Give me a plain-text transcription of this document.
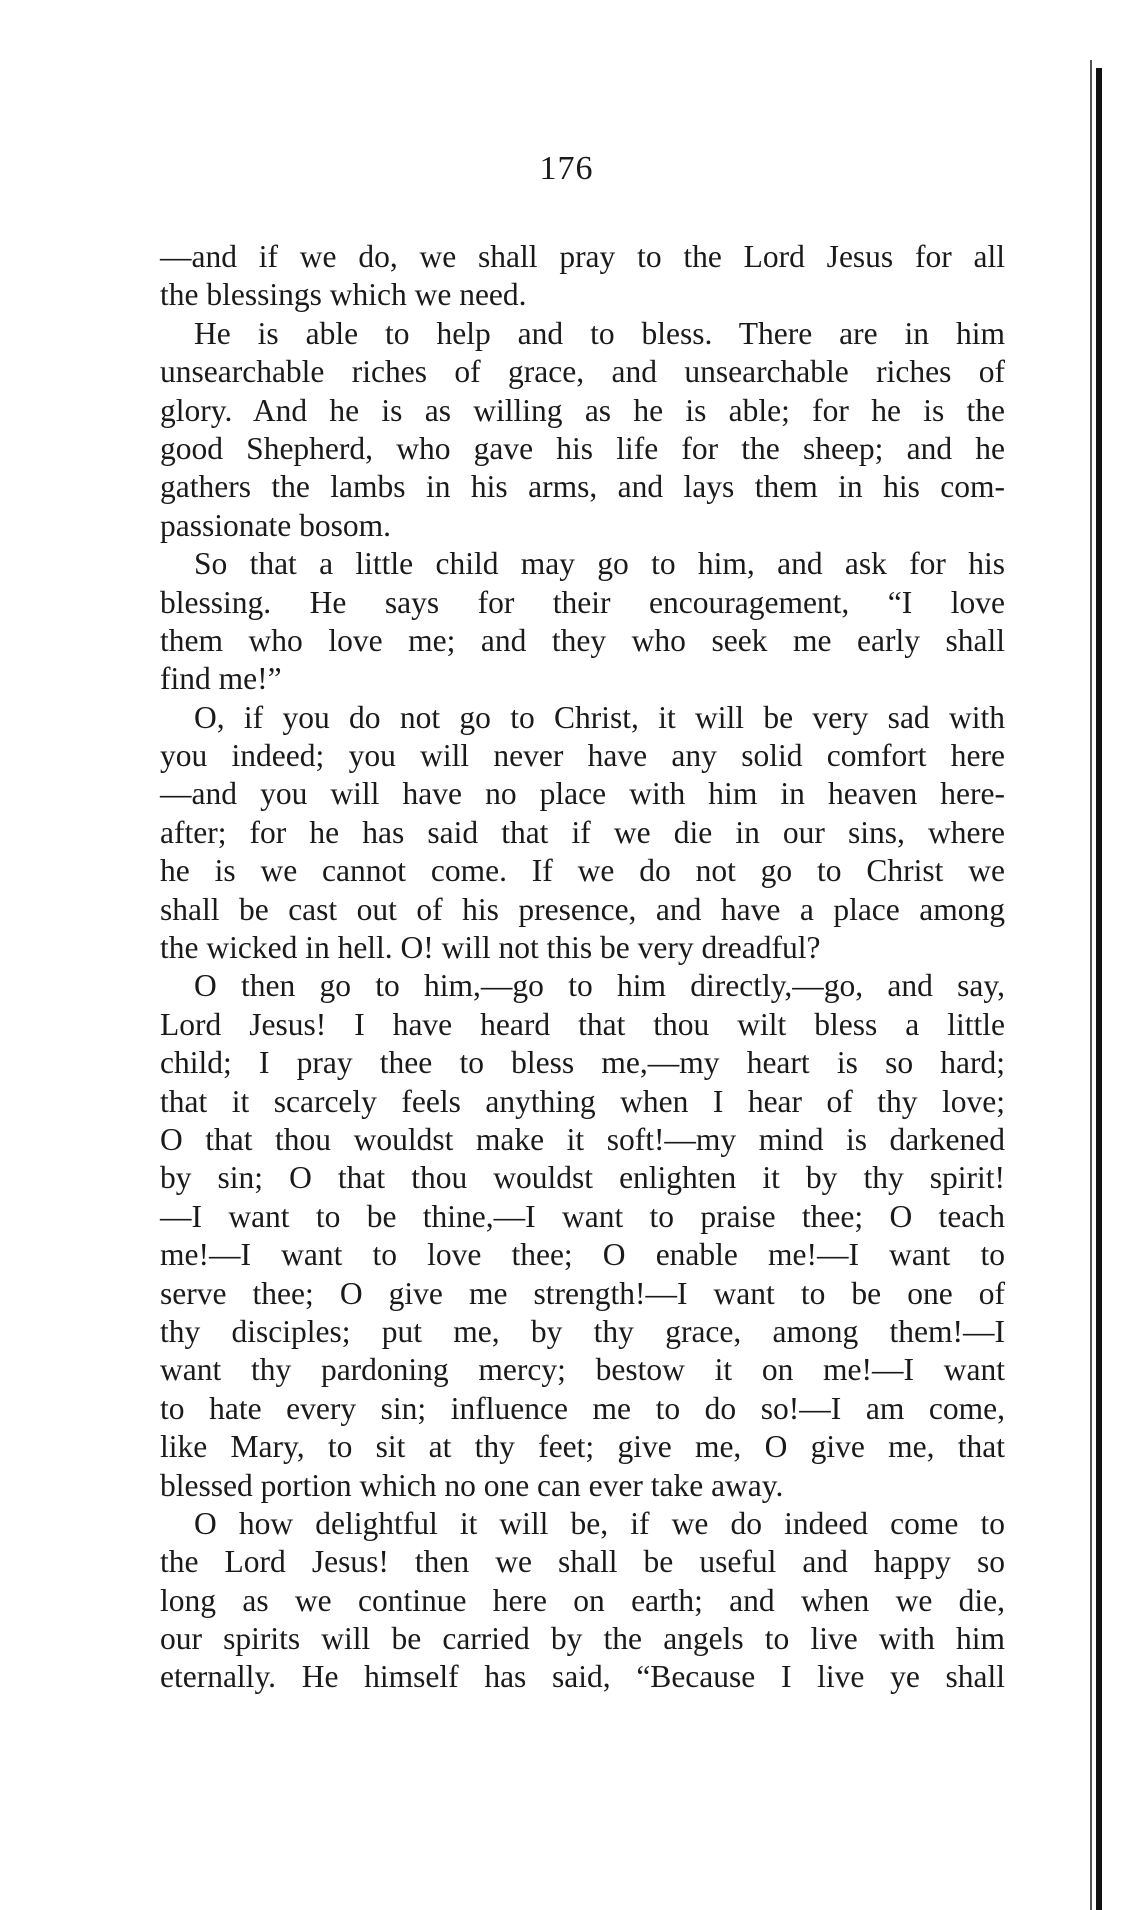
176
—and if we do, we shall pray to the Lord Jesus for all
the blessings which we need.
He is able to help and to bless. There are in him
unsearchable riches of grace, and unsearchable riches of
glory. And he is as willing as he is able; for he is the
good Shepherd, who gave his life for the sheep; and he
gathers the lambs in his arms, and lays them in his com-
passionate bosom.
So that a little child may go to him, and ask for his
blessing. He says for their encouragement, “I love
them who love me; and they who seek me early shall
find me!”
O, if you do not go to Christ, it will be very sad with
you indeed; you will never have any solid comfort here
—and you will have no place with him in heaven here-
after; for he has said that if we die in our sins, where
he is we cannot come. If we do not go to Christ we
shall be cast out of his presence, and have a place among
the wicked in hell. O! will not this be very dreadful?
O then go to him,—go to him directly,—go, and say,
Lord Jesus! I have heard that thou wilt bless a little
child; I pray thee to bless me,—my heart is so hard;
that it scarcely feels anything when I hear of thy love;
O that thou wouldst make it soft!—my mind is darkened
by sin; O that thou wouldst enlighten it by thy spirit!
—I want to be thine,—I want to praise thee; O teach
me!—I want to love thee; O enable me!—I want to
serve thee; O give me strength!—I want to be one of
thy disciples; put me, by thy grace, among them!—I
want thy pardoning mercy; bestow it on me!—I want
to hate every sin; influence me to do so!—I am come,
like Mary, to sit at thy feet; give me, O give me, that
blessed portion which no one can ever take away.
O how delightful it will be, if we do indeed come to
the Lord Jesus! then we shall be useful and happy so
long as we continue here on earth; and when we die,
our spirits will be carried by the angels to live with him
eternally. He himself has said, “Because I live ye shall
